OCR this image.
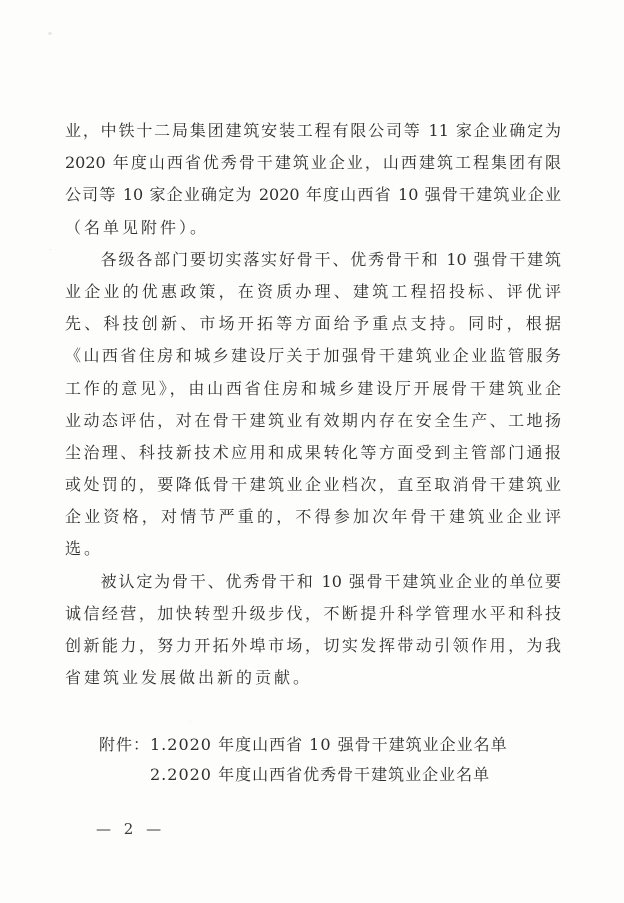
业，中铁十二局集团建筑安装工程有限公司等 11 家企业确定为
2020 年度山西省优秀骨干建筑业企业，山西建筑工程集团有限
公司等 10 家企业确定为 2020 年度山西省 10 强骨干建筑业企业
（名单见附件）。
　　各级各部门要切实落实好骨干、优秀骨干和 10 强骨干建筑
业企业的优惠政策，在资质办理、建筑工程招投标、评优评
先、科技创新、市场开拓等方面给予重点支持。同时，根据
《山西省住房和城乡建设厅关于加强骨干建筑业企业监管服务
工作的意见》，由山西省住房和城乡建设厅开展骨干建筑业企
业动态评估，对在骨干建筑业有效期内存在安全生产、工地扬
尘治理、科技新技术应用和成果转化等方面受到主管部门通报
或处罚的，要降低骨干建筑业企业档次，直至取消骨干建筑业
企业资格，对情节严重的，不得参加次年骨干建筑业企业评
选。
　　被认定为骨干、优秀骨干和 10 强骨干建筑业企业的单位要
诚信经营，加快转型升级步伐，不断提升科学管理水平和科技
创新能力，努力开拓外埠市场，切实发挥带动引领作用，为我
省建筑业发展做出新的贡献。
　　附件：1.2020 年度山西省 10 强骨干建筑业企业名单
　　　　　2.2020 年度山西省优秀骨干建筑业企业名单
— 2 —
